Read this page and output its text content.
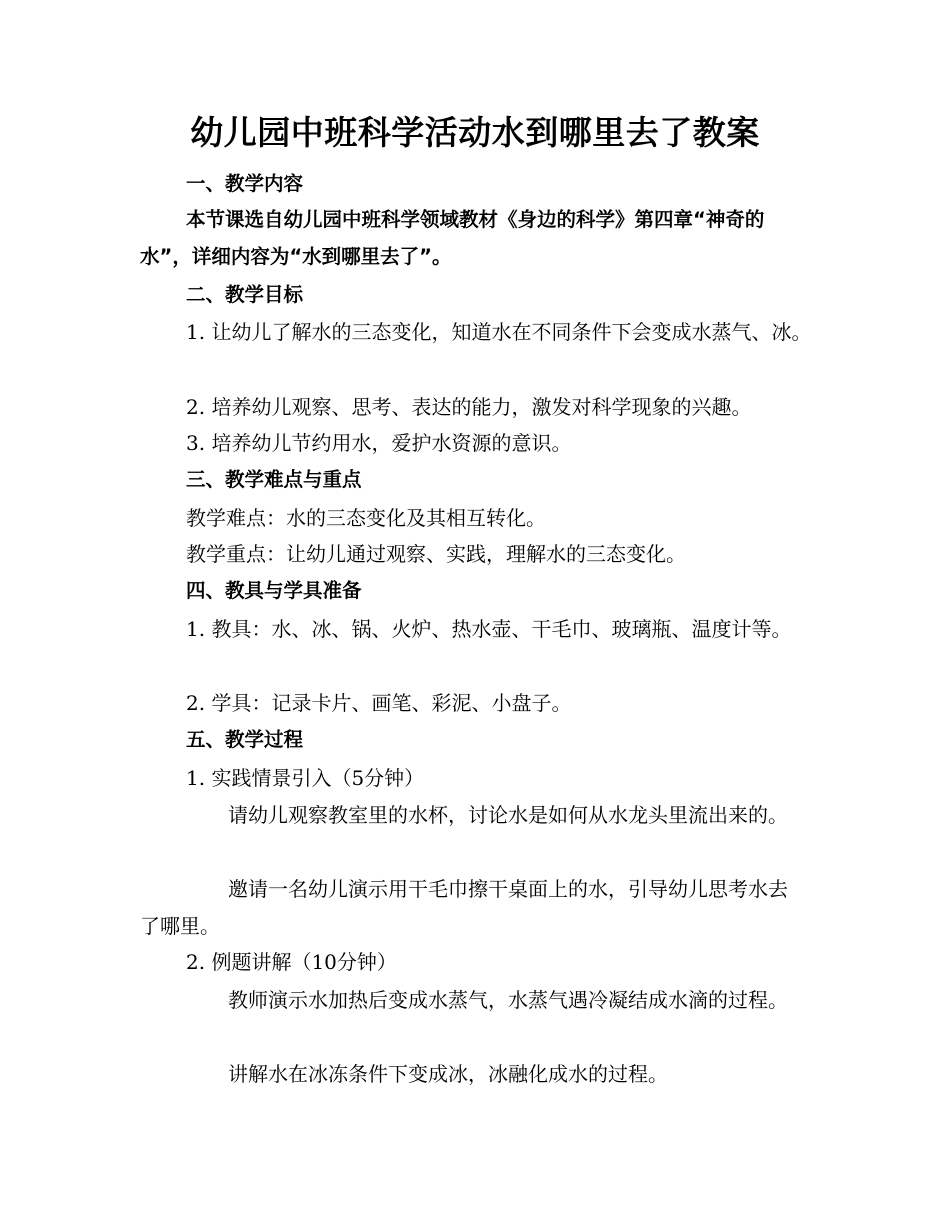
幼儿园中班科学活动水到哪里去了教案

一、教学内容

本节课选自幼儿园中班科学领域教材《身边的科学》第四章“神奇的水”，详细内容为“水到哪里去了”。

二、教学目标

1. 让幼儿了解水的三态变化，知道水在不同条件下会变成水蒸气、冰。

2. 培养幼儿观察、思考、表达的能力，激发对科学现象的兴趣。

3. 培养幼儿节约用水，爱护水资源的意识。

三、教学难点与重点

教学难点：水的三态变化及其相互转化。

教学重点：让幼儿通过观察、实践，理解水的三态变化。

四、教具与学具准备

1. 教具：水、冰、锅、火炉、热水壶、干毛巾、玻璃瓶、温度计等。

2. 学具：记录卡片、画笔、彩泥、小盘子。

五、教学过程

1. 实践情景引入（5分钟）

请幼儿观察教室里的水杯，讨论水是如何从水龙头里流出来的。

邀请一名幼儿演示用干毛巾擦干桌面上的水，引导幼儿思考水去了哪里。

2. 例题讲解（10分钟）

教师演示水加热后变成水蒸气，水蒸气遇冷凝结成水滴的过程。

讲解水在冰冻条件下变成冰，冰融化成水的过程。
